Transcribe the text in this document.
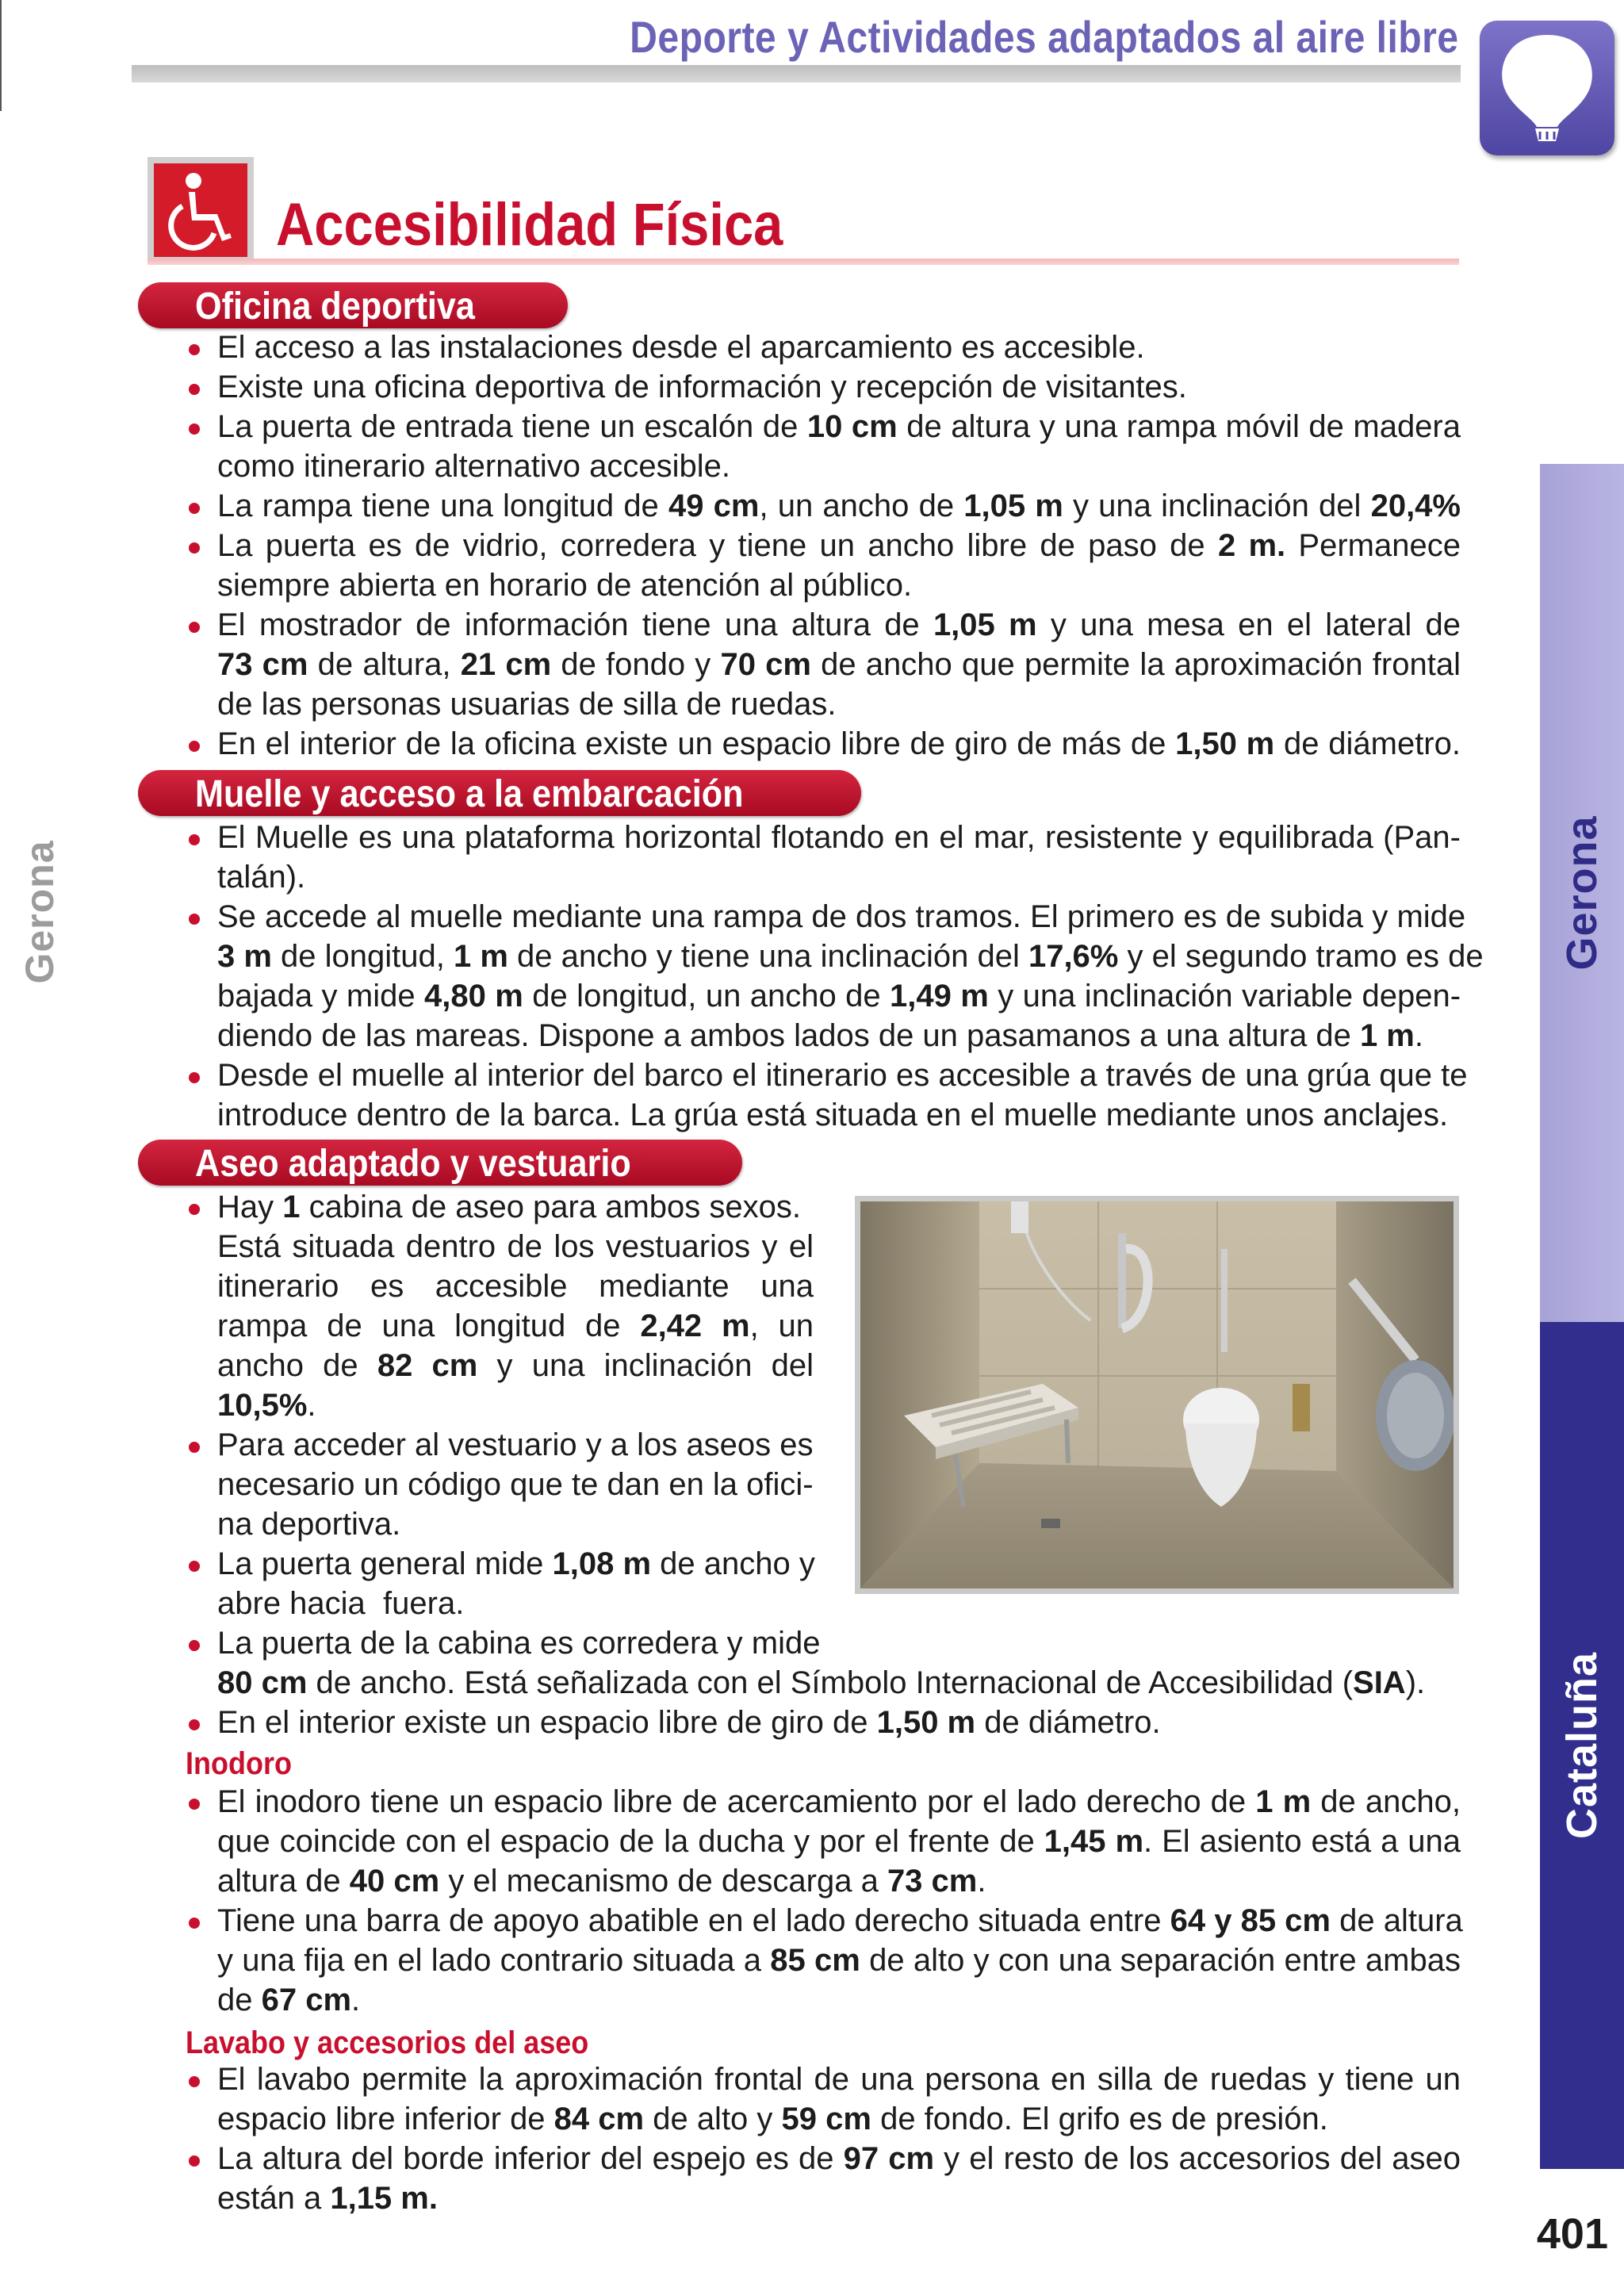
Deporte y Actividades adaptados al aire libre
Accesibilidad Física
Gerona	Gerona
Cataluña
401
Oficina deportiva
El acceso a las instalaciones desde el aparcamiento es accesible.
Existe una oficina deportiva de información y recepción de visitantes.
La puerta de entrada tiene un escalón de 10 cm de altura y una rampa móvil de madera
como itinerario alternativo accesible.
La rampa tiene una longitud de 49 cm, un ancho de 1,05 m y una inclinación del 20,4%
La puerta es de vidrio, corredera y tiene un ancho libre de paso de 2 m. Permanece
siempre abierta en horario de atención al público.
El mostrador de información tiene una altura de 1,05 m y una mesa en el lateral de
73 cm de altura, 21 cm de fondo y 70 cm de ancho que permite la aproximación frontal
de las personas usuarias de silla de ruedas.
En el interior de la oficina existe un espacio libre de giro de más de 1,50 m de diámetro.
Muelle y acceso a la embarcación
El Muelle es una plataforma horizontal flotando en el mar, resistente y equilibrada (Pan-
talán).
Se accede al muelle mediante una rampa de dos tramos. El primero es de subida y mide
3 m de longitud, 1 m de ancho y tiene una inclinación del 17,6% y el segundo tramo es de
bajada y mide 4,80 m de longitud, un ancho de 1,49 m y una inclinación variable depen-
diendo de las mareas. Dispone a ambos lados de un pasamanos a una altura de 1 m.
Desde el muelle al interior del barco el itinerario es accesible a través de una grúa que te
introduce dentro de la barca. La grúa está situada en el muelle mediante unos anclajes.
Aseo adaptado y vestuario
Hay 1 cabina de aseo para ambos sexos.
Está situada dentro de los vestuarios y el
itinerario es accesible mediante una
rampa de una longitud de 2,42 m, un
ancho de 82 cm y una inclinación del
10,5%.
Para acceder al vestuario y a los aseos es
necesario un código que te dan en la ofici-
na deportiva.
La puerta general mide 1,08 m de ancho y
abre hacia  fuera.
La puerta de la cabina es corredera y mide
80 cm de ancho. Está señalizada con el Símbolo Internacional de Accesibilidad (SIA).
En el interior existe un espacio libre de giro de 1,50 m de diámetro.
Inodoro
El inodoro tiene un espacio libre de acercamiento por el lado derecho de 1 m de ancho,
que coincide con el espacio de la ducha y por el frente de 1,45 m. El asiento está a una
altura de 40 cm y el mecanismo de descarga a 73 cm.
Tiene una barra de apoyo abatible en el lado derecho situada entre 64 y 85 cm de altura
y una fija en el lado contrario situada a 85 cm de alto y con una separación entre ambas
de 67 cm.
Lavabo y accesorios del aseo
El lavabo permite la aproximación frontal de una persona en silla de ruedas y tiene un
espacio libre inferior de 84 cm de alto y 59 cm de fondo. El grifo es de presión.
La altura del borde inferior del espejo es de 97 cm y el resto de los accesorios del aseo
están a 1,15 m.
